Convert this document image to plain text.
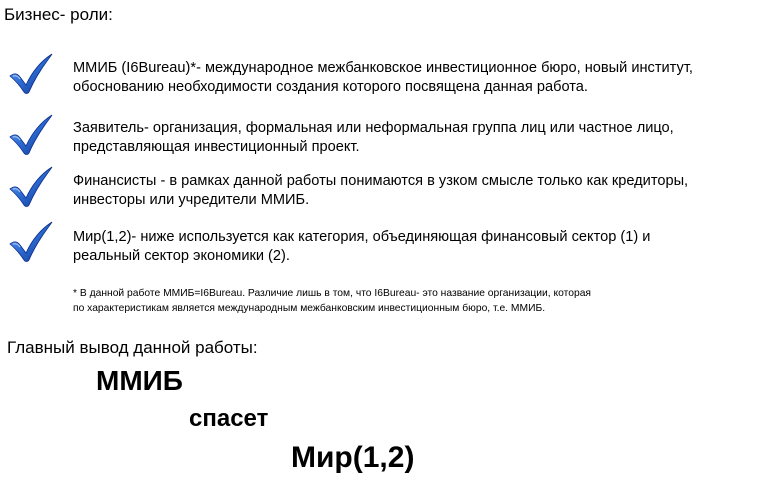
Бизнес- роли:
ММИБ (I6Bureau)*- международное межбанковское инвестиционное бюро, новый институт,
обоснованию необходимости создания которого посвящена данная работа.
Заявитель- организация, формальная или неформальная группа лиц или частное лицо,
представляющая инвестиционный проект.
Финансисты - в рамках данной работы понимаются в узком смысле только как кредиторы,
инвесторы или учредители ММИБ.
Мир(1,2)- ниже используется как категория, объединяющая финансовый сектор (1) и
реальный сектор экономики (2).
* В данной работе ММИБ=I6Bureau. Различие лишь в том, что I6Bureau- это название организации, которая
по характеристикам является международным межбанковским инвестиционным бюро, т.е. ММИБ.
Главный вывод данной работы:
ММИБ
спасет
Мир(1,2)
